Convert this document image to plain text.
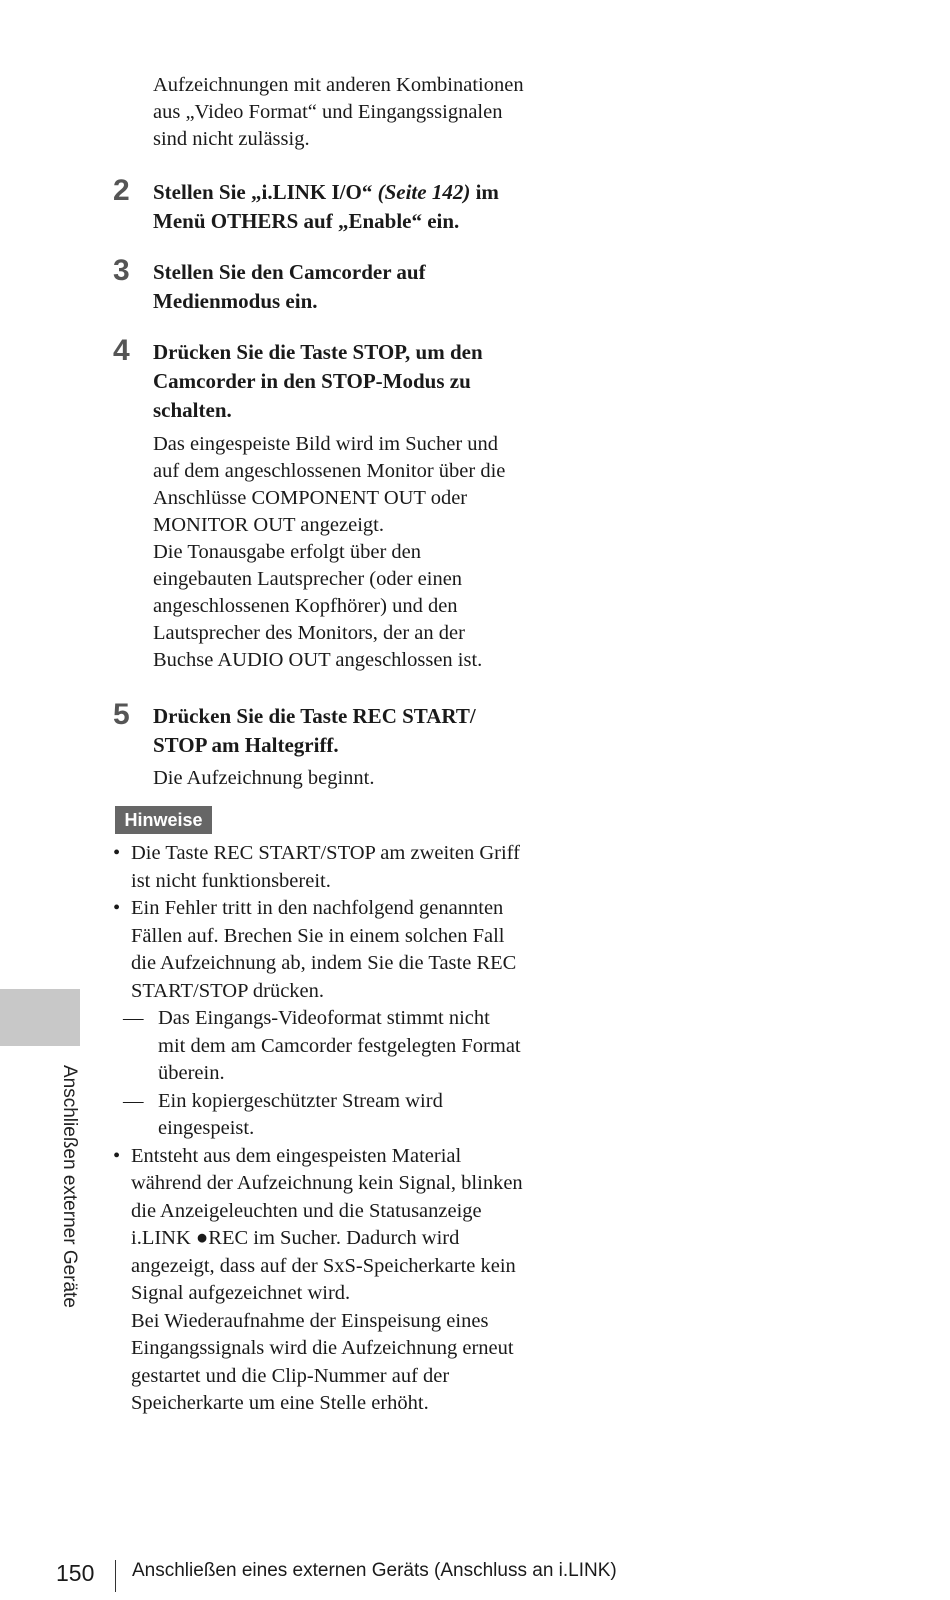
Aufzeichnungen mit anderen Kombinationen
aus „Video Format“ und Eingangssignalen
sind nicht zulässig.

2 Stellen Sie „i.LINK I/O“ (Seite 142) im
Menü OTHERS auf „Enable“ ein.
3 Stellen Sie den Camcorder auf
Medienmodus ein.
4 Drücken Sie die Taste STOP, um den
Camcorder in den STOP-Modus zu
schalten.

Das eingespeiste Bild wird im Sucher und
auf dem angeschlossenen Monitor über die
Anschlüsse COMPONENT OUT oder
MONITOR OUT angezeigt.
Die Tonausgabe erfolgt über den
eingebauten Lautsprecher (oder einen
angeschlossenen Kopfhörer) und den
Lautsprecher des Monitors, der an der
Buchse AUDIO OUT angeschlossen ist.

5 Drücken Sie die Taste REC START/
STOP am Haltegriff.

Die Aufzeichnung beginnt.

Hinweise
• Die Taste REC START/STOP am zweiten Griff
ist nicht funktionsbereit.
• Ein Fehler tritt in den nachfolgend genannten
Fällen auf. Brechen Sie in einem solchen Fall
die Aufzeichnung ab, indem Sie die Taste REC
START/STOP drücken.
— Das Eingangs-Videoformat stimmt nicht
mit dem am Camcorder festgelegten Format
überein.
— Ein kopiergeschützter Stream wird
eingespeist.
• Entsteht aus dem eingespeisten Material
während der Aufzeichnung kein Signal, blinken
die Anzeigeleuchten und die Statusanzeige
i.LINK ●REC im Sucher. Dadurch wird
angezeigt, dass auf der SxS-Speicherkarte kein
Signal aufgezeichnet wird.
Bei Wiederaufnahme der Einspeisung eines
Eingangssignals wird die Aufzeichnung erneut
gestartet und die Clip-Nummer auf der
Speicherkarte um eine Stelle erhöht.
Anschließen externer Geräte
150 Anschließen eines externen Geräts (Anschluss an i.LINK)
